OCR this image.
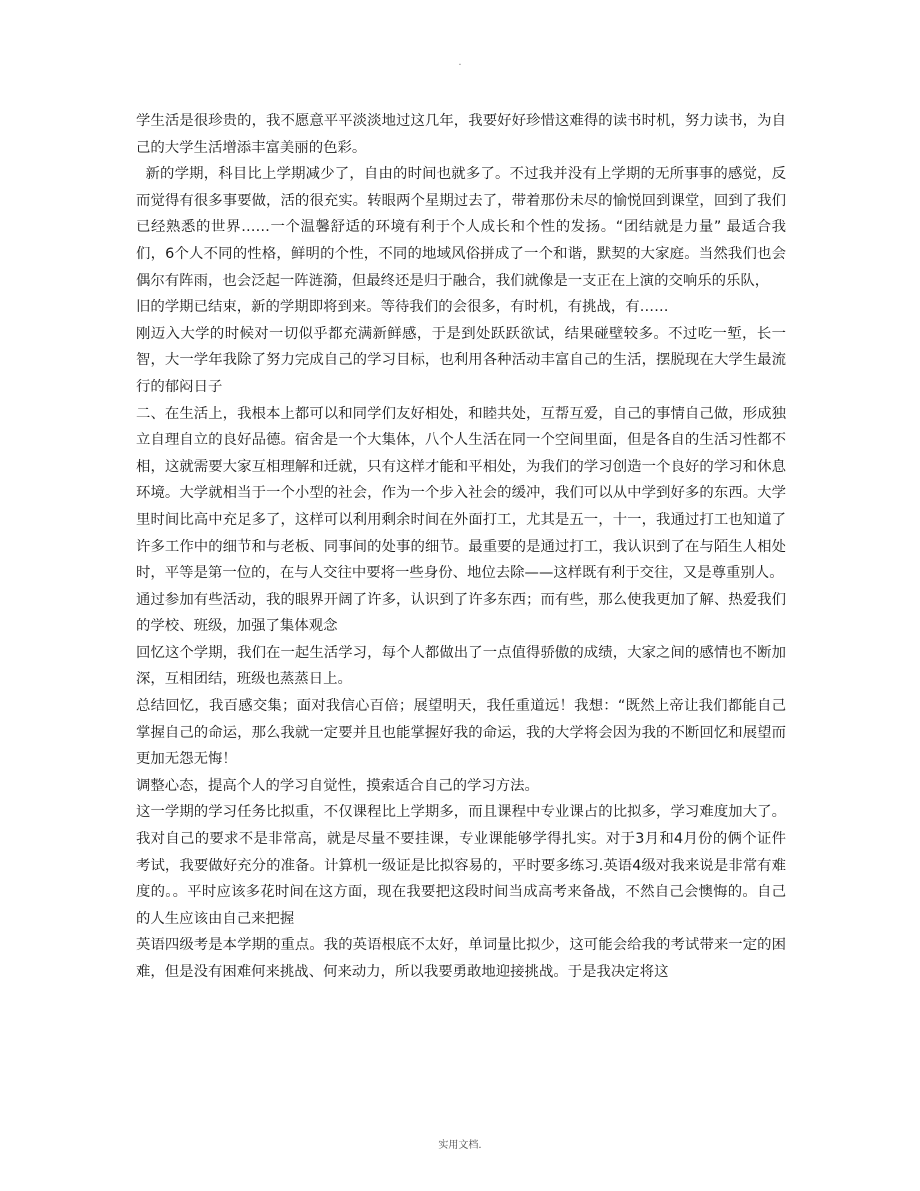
.

学生活是很珍贵的，我不愿意平平淡淡地过这几年，我要好好珍惜这难得的读书时机，努力读书，为自己的大学生活增添丰富美丽的色彩。

新的学期，科目比上学期减少了，自由的时间也就多了。不过我并没有上学期的无所事事的感觉，反而觉得有很多事要做，活的很充实。转眼两个星期过去了，带着那份未尽的愉悦回到课堂，回到了我们已经熟悉的世界……一个温馨舒适的环境有利于个人成长和个性的发扬。“团结就是力量” 最适合我们，6个人不同的性格，鲜明的个性，不同的地域风俗拼成了一个和谐，默契的大家庭。当然我们也会偶尔有阵雨，也会泛起一阵涟漪，但最终还是归于融合，我们就像是一支正在上演的交响乐的乐队，

旧的学期已结束，新的学期即将到来。等待我们的会很多，有时机，有挑战，有……

刚迈入大学的时候对一切似乎都充满新鲜感，于是到处跃跃欲试，结果碰壁较多。不过吃一堑，长一智，大一学年我除了努力完成自己的学习目标，也利用各种活动丰富自己的生活，摆脱现在大学生最流行的郁闷日子

二、在生活上，我根本上都可以和同学们友好相处，和睦共处，互帮互爱，自己的事情自己做，形成独立自理自立的良好品德。宿舍是一个大集体，八个人生活在同一个空间里面，但是各自的生活习性都不相，这就需要大家互相理解和迁就，只有这样才能和平相处，为我们的学习创造一个良好的学习和休息环境。大学就相当于一个小型的社会，作为一个步入社会的缓冲，我们可以从中学到好多的东西。大学里时间比高中充足多了，这样可以利用剩余时间在外面打工，尤其是五一，十一，我通过打工也知道了许多工作中的细节和与老板、同事间的处事的细节。最重要的是通过打工，我认识到了在与陌生人相处时，平等是第一位的，在与人交往中要将一些身份、地位去除——这样既有利于交往，又是尊重别人。

通过参加有些活动，我的眼界开阔了许多，认识到了许多东西；而有些，那么使我更加了解、热爱我们的学校、班级，加强了集体观念

回忆这个学期，我们在一起生活学习，每个人都做出了一点值得骄傲的成绩，大家之间的感情也不断加深，互相团结，班级也蒸蒸日上。

总结回忆，我百感交集；面对我信心百倍；展望明天，我任重道远！我想：“既然上帝让我们都能自己掌握自己的命运，那么我就一定要并且也能掌握好我的命运，我的大学将会因为我的不断回忆和展望而更加无怨无悔！

调整心态，提高个人的学习自觉性，摸索适合自己的学习方法。

这一学期的学习任务比拟重，不仅课程比上学期多，而且课程中专业课占的比拟多，学习难度加大了。我对自己的要求不是非常高，就是尽量不要挂课，专业课能够学得扎实。对于3月和4月份的俩个证件考试，我要做好充分的准备。计算机一级证是比拟容易的，平时要多练习.英语4级对我来说是非常有难度的。。平时应该多花时间在这方面，现在我要把这段时间当成高考来备战，不然自己会懊悔的。自己的人生应该由自己来把握

英语四级考是本学期的重点。我的英语根底不太好，单词量比拟少，这可能会给我的考试带来一定的困难，但是没有困难何来挑战、何来动力，所以我要勇敢地迎接挑战。于是我决定将这

实用文档.
